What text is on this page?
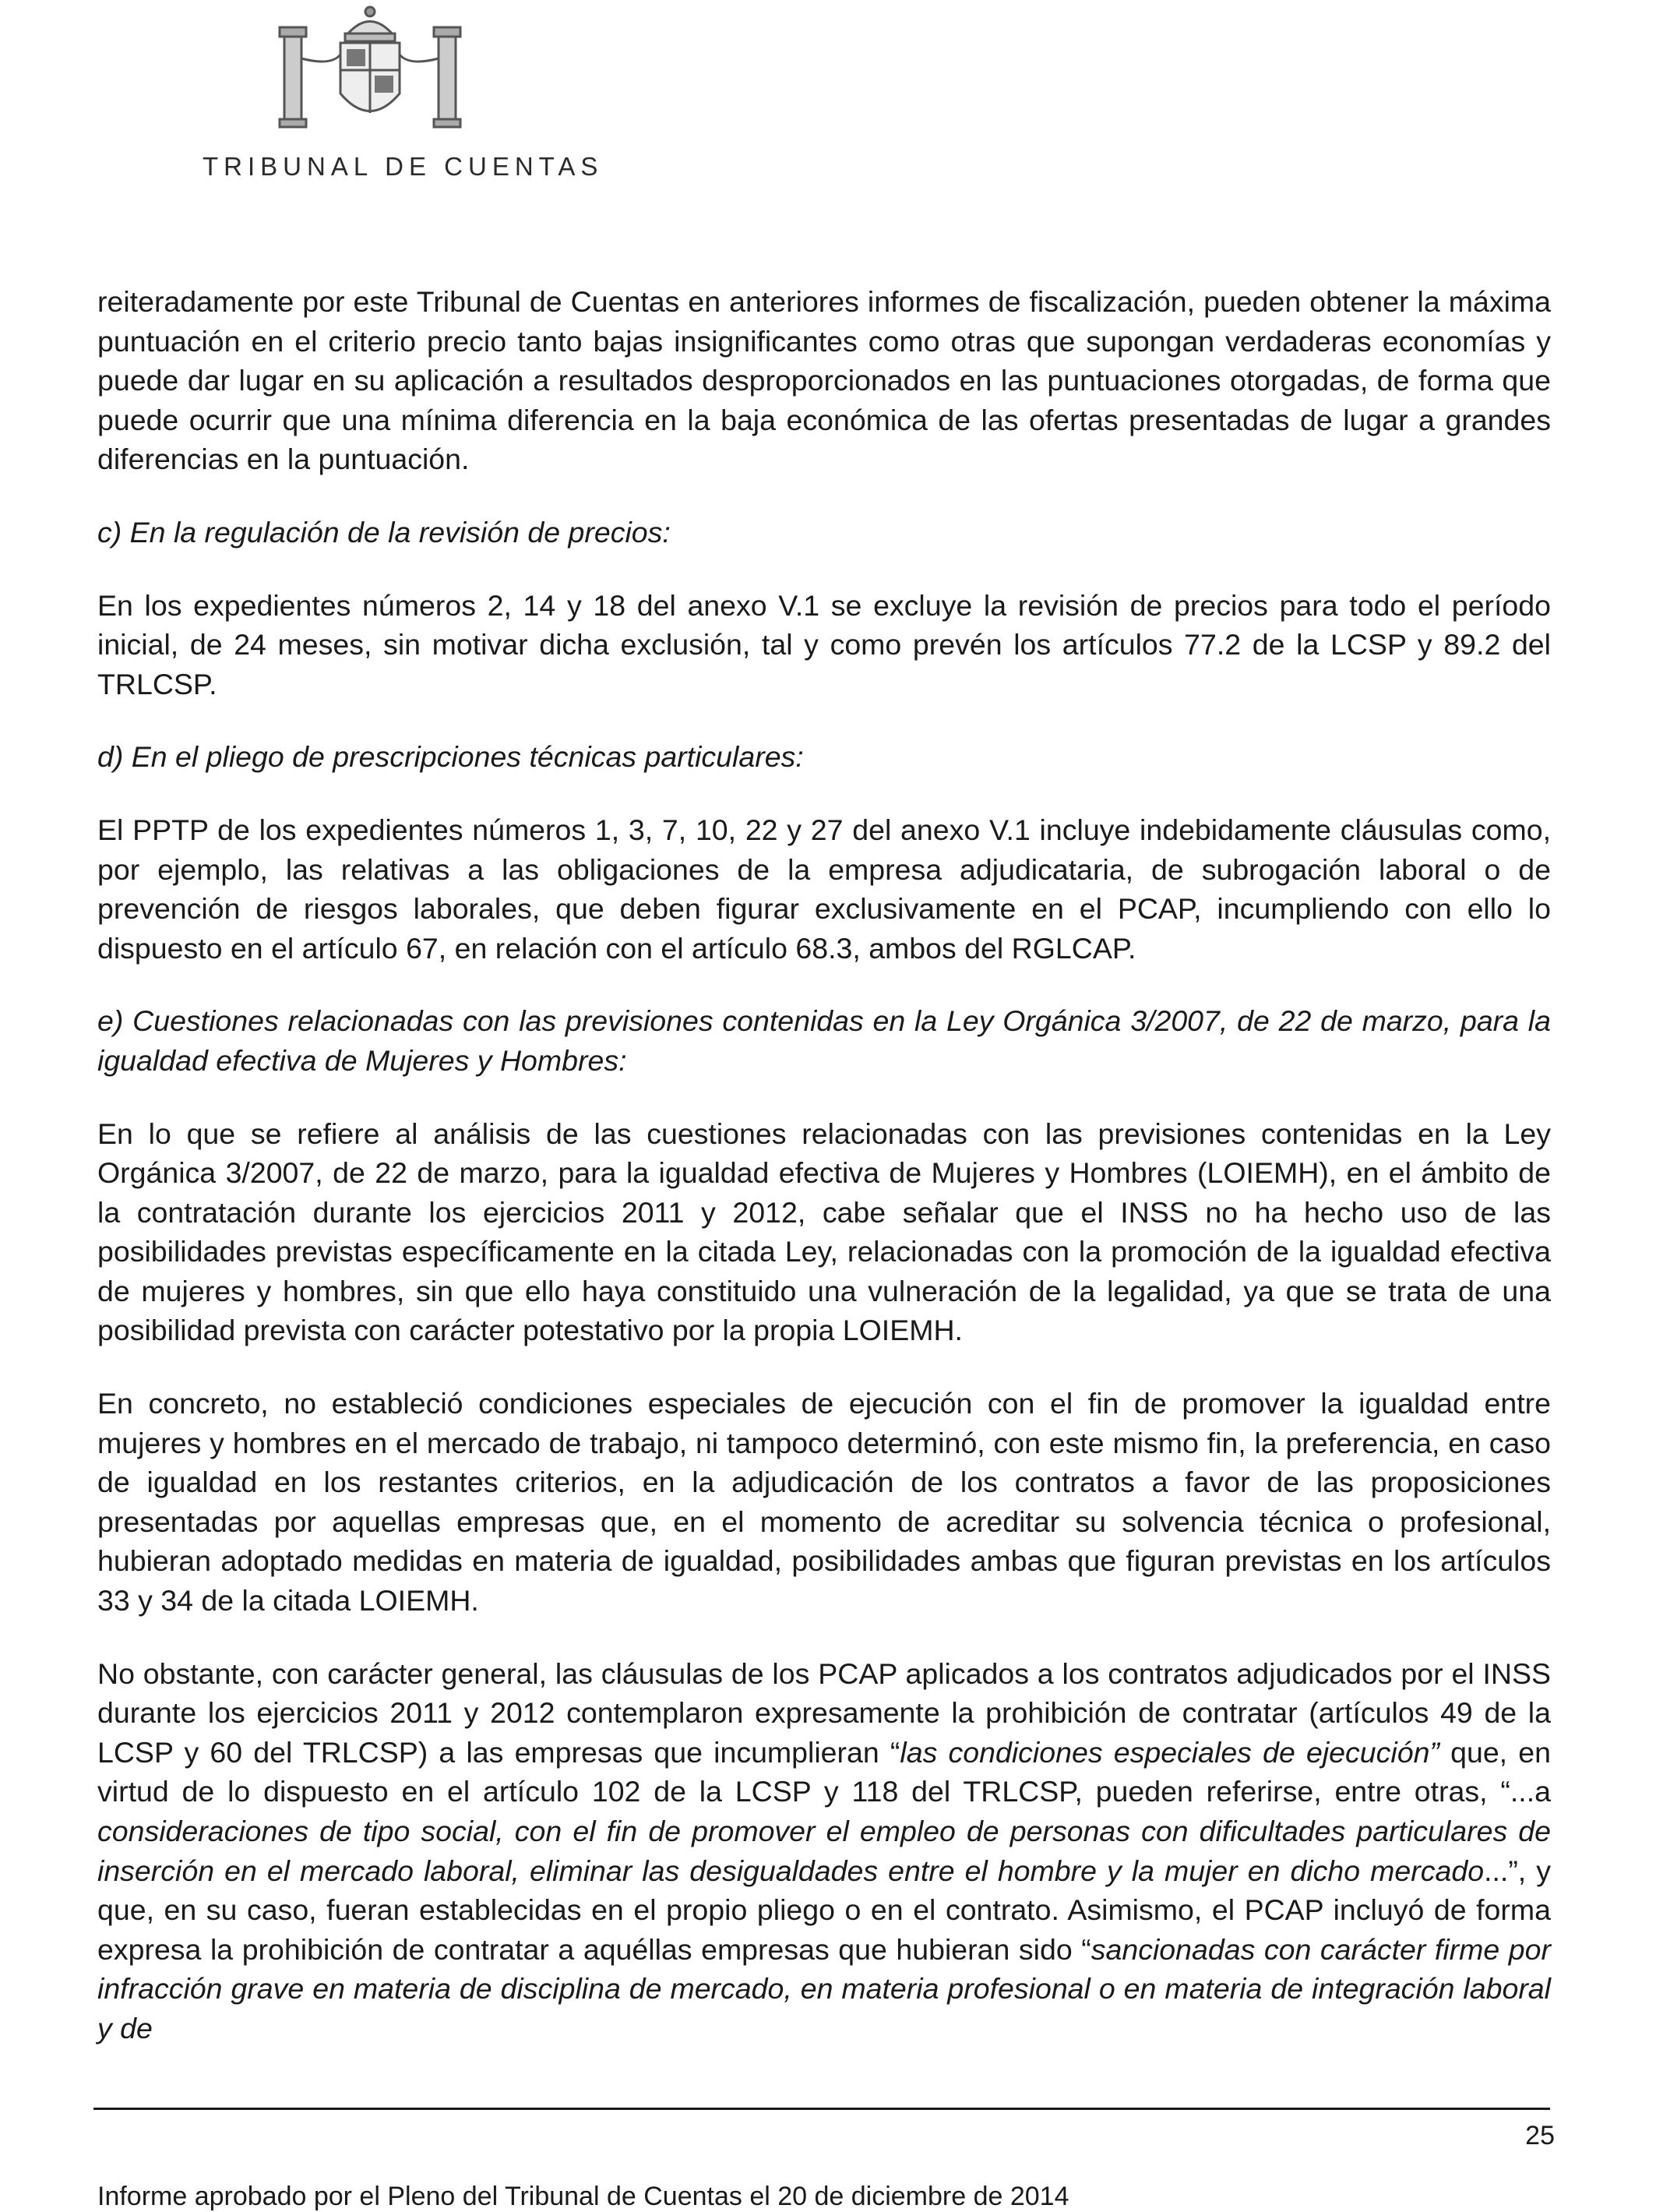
TRIBUNAL DE CUENTAS

reiteradamente por este Tribunal de Cuentas en anteriores informes de fiscalización, pueden obtener la máxima puntuación en el criterio precio tanto bajas insignificantes como otras que supongan verdaderas economías y puede dar lugar en su aplicación a resultados desproporcionados en las puntuaciones otorgadas, de forma que puede ocurrir que una mínima diferencia en la baja económica de las ofertas presentadas de lugar a grandes diferencias en la puntuación.

c) En la regulación de la revisión de precios:

En los expedientes números 2, 14 y 18 del anexo V.1 se excluye la revisión de precios para todo el período inicial, de 24 meses, sin motivar dicha exclusión, tal y como prevén los artículos 77.2 de la LCSP y 89.2 del TRLCSP.

d) En el pliego de prescripciones técnicas particulares:

El PPTP de los expedientes números 1, 3, 7, 10, 22 y 27 del anexo V.1 incluye indebidamente cláusulas como, por ejemplo, las relativas a las obligaciones de la empresa adjudicataria, de subrogación laboral o de prevención de riesgos laborales, que deben figurar exclusivamente en el PCAP, incumpliendo con ello lo dispuesto en el artículo 67, en relación con el artículo 68.3, ambos del RGLCAP.

e) Cuestiones relacionadas con las previsiones contenidas en la Ley Orgánica 3/2007, de 22 de marzo, para la igualdad efectiva de Mujeres y Hombres:

En lo que se refiere al análisis de las cuestiones relacionadas con las previsiones contenidas en la Ley Orgánica 3/2007, de 22 de marzo, para la igualdad efectiva de Mujeres y Hombres (LOIEMH), en el ámbito de la contratación durante los ejercicios 2011 y 2012, cabe señalar que el INSS no ha hecho uso de las posibilidades previstas específicamente en la citada Ley, relacionadas con la promoción de la igualdad efectiva de mujeres y hombres, sin que ello haya constituido una vulneración de la legalidad, ya que se trata de una posibilidad prevista con carácter potestativo por la propia LOIEMH.

En concreto, no estableció condiciones especiales de ejecución con el fin de promover la igualdad entre mujeres y hombres en el mercado de trabajo, ni tampoco determinó, con este mismo fin, la preferencia, en caso de igualdad en los restantes criterios, en la adjudicación de los contratos a favor de las proposiciones presentadas por aquellas empresas que, en el momento de acreditar su solvencia técnica o profesional, hubieran adoptado medidas en materia de igualdad, posibilidades ambas que figuran previstas en los artículos 33 y 34 de la citada LOIEMH.

No obstante, con carácter general, las cláusulas de los PCAP aplicados a los contratos adjudicados por el INSS durante los ejercicios 2011 y 2012 contemplaron expresamente la prohibición de contratar (artículos 49 de la LCSP y 60 del TRLCSP) a las empresas que incumplieran “las condiciones especiales de ejecución” que, en virtud de lo dispuesto en el artículo 102 de la LCSP y 118 del TRLCSP, pueden referirse, entre otras, “...a consideraciones de tipo social, con el fin de promover el empleo de personas con dificultades particulares de inserción en el mercado laboral, eliminar las desigualdades entre el hombre y la mujer en dicho mercado...”, y que, en su caso, fueran establecidas en el propio pliego o en el contrato. Asimismo, el PCAP incluyó de forma expresa la prohibición de contratar a aquéllas empresas que hubieran sido “sancionadas con carácter firme por infracción grave en materia de disciplina de mercado, en materia profesional o en materia de integración laboral y de

25
Informe aprobado por el Pleno del Tribunal de Cuentas el 20 de diciembre de 2014
